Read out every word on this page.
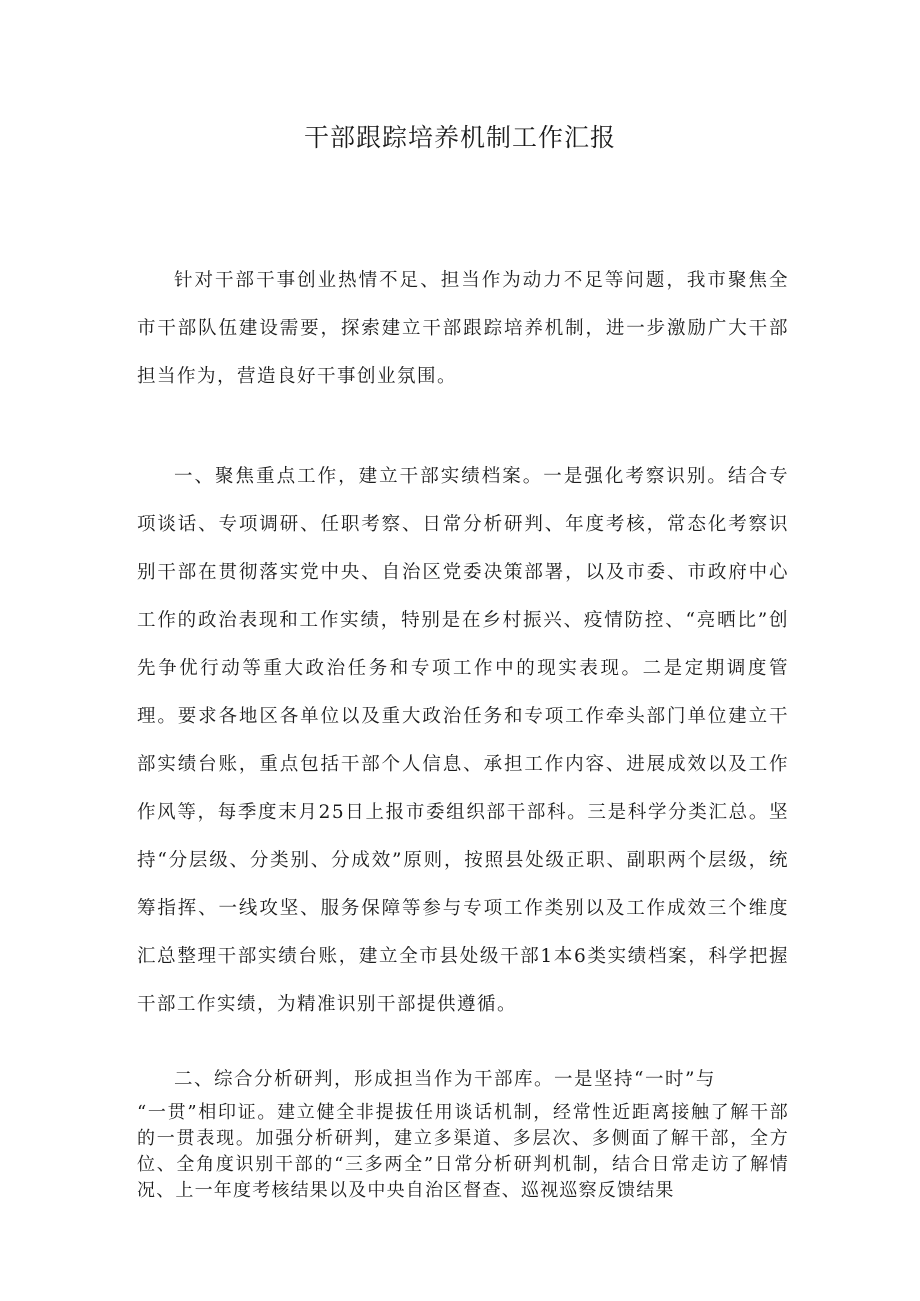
干部跟踪培养机制工作汇报

针对干部干事创业热情不足、担当作为动力不足等问题，我市聚焦全市干部队伍建设需要，探索建立干部跟踪培养机制，进一步激励广大干部担当作为，营造良好干事创业氛围。

一、聚焦重点工作，建立干部实绩档案。一是强化考察识别。结合专项谈话、专项调研、任职考察、日常分析研判、年度考核，常态化考察识别干部在贯彻落实党中央、自治区党委决策部署，以及市委、市政府中心工作的政治表现和工作实绩，特别是在乡村振兴、疫情防控、“亮晒比”创先争优行动等重大政治任务和专项工作中的现实表现。二是定期调度管理。要求各地区各单位以及重大政治任务和专项工作牵头部门单位建立干部实绩台账，重点包括干部个人信息、承担工作内容、进展成效以及工作作风等，每季度末月25日上报市委组织部干部科。三是科学分类汇总。坚持“分层级、分类别、分成效”原则，按照县处级正职、副职两个层级，统筹指挥、一线攻坚、服务保障等参与专项工作类别以及工作成效三个维度汇总整理干部实绩台账，建立全市县处级干部1本6类实绩档案，科学把握干部工作实绩，为精准识别干部提供遵循。

二、综合分析研判，形成担当作为干部库。一是坚持“一时”与

“一贯”相印证。建立健全非提拔任用谈话机制，经常性近距离接触了解干部的一贯表现。加强分析研判，建立多渠道、多层次、多侧面了解干部，全方位、全角度识别干部的“三多两全”日常分析研判机制，结合日常走访了解情况、上一年度考核结果以及中央自治区督查、巡视巡察反馈结果
